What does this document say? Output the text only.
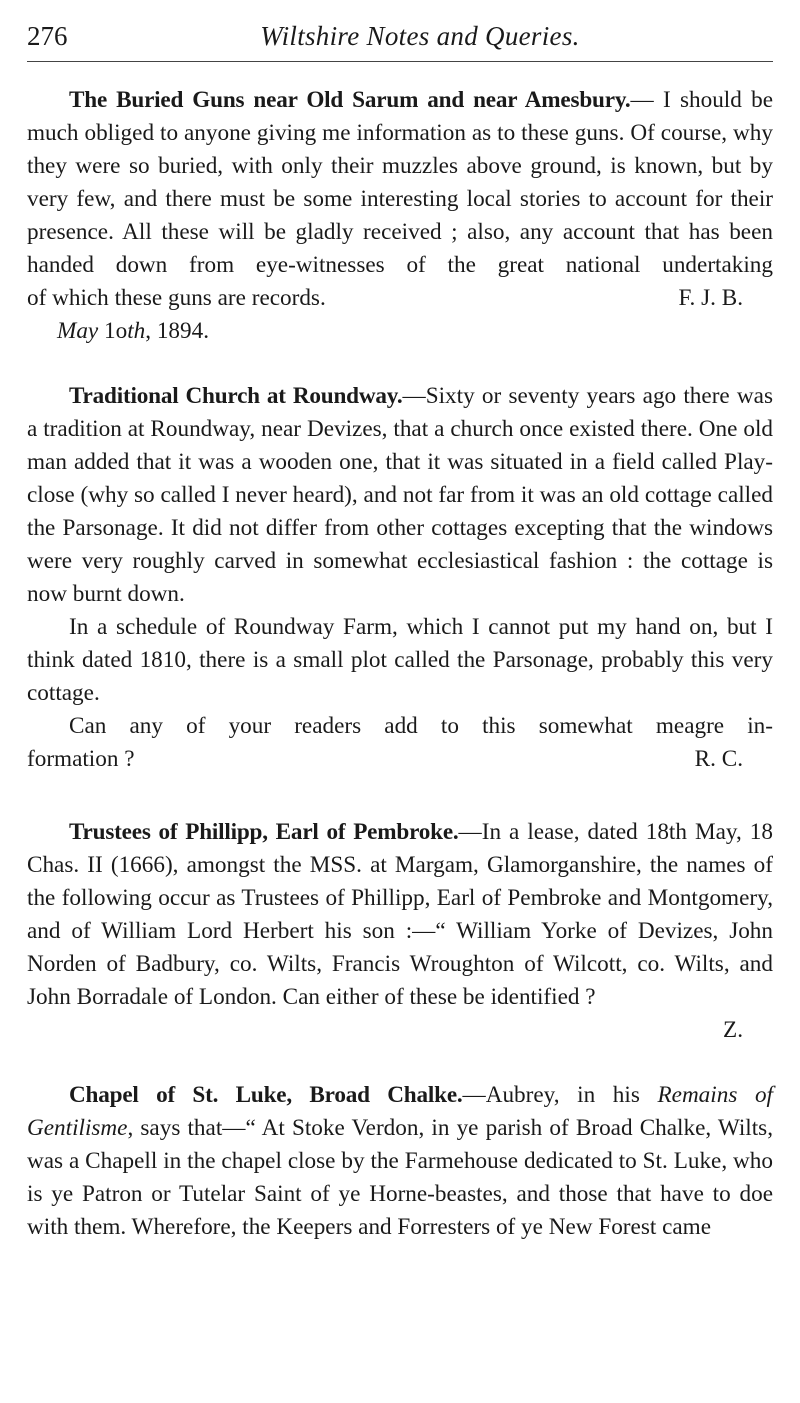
276	Wiltshire Notes and Queries.

The Buried Guns near Old Sarum and near Amesbury.— I should be much obliged to anyone giving me information as to these guns. Of course, why they were so buried, with only their muzzles above ground, is known, but by very few, and there must be some interesting local stories to account for their presence. All these will be gladly received ; also, any account that has been handed down from eye-witnesses of the great national undertaking

of which these guns are records.	F. J. B.
May 1oth, 1894.

Traditional Church at Roundway.—Sixty or seventy years ago there was a tradition at Roundway, near Devizes, that a church once existed there. One old man added that it was a wooden one, that it was situated in a field called Play-close (why so called I never heard), and not far from it was an old cottage called the Parsonage. It did not differ from other cottages excepting that the windows were very roughly carved in somewhat ecclesiastical fashion : the cottage is now burnt down.

In a schedule of Roundway Farm, which I cannot put my hand on, but I think dated 1810, there is a small plot called the Parsonage, probably this very cottage.

Can any of your readers add to this somewhat meagre in-

formation ?	R. C.

Trustees of Phillipp, Earl of Pembroke.—In a lease, dated 18th May, 18 Chas. II (1666), amongst the MSS. at Margam, Glamorganshire, the names of the following occur as Trustees of Phillipp, Earl of Pembroke and Montgomery, and of William Lord Herbert his son :—“ William Yorke of Devizes, John Norden of Badbury, co. Wilts, Francis Wroughton of Wilcott, co. Wilts, and John Borradale of London. Can either of these be identified ?

Z.

Chapel of St. Luke, Broad Chalke.—Aubrey, in his Remains of Gentilisme, says that—“ At Stoke Verdon, in ye parish of Broad Chalke, Wilts, was a Chapell in the chapel close by the Farmehouse dedicated to St. Luke, who is ye Patron or Tutelar Saint of ye Horne-beastes, and those that have to doe with them. Wherefore, the Keepers and Forresters of ye New Forest came
